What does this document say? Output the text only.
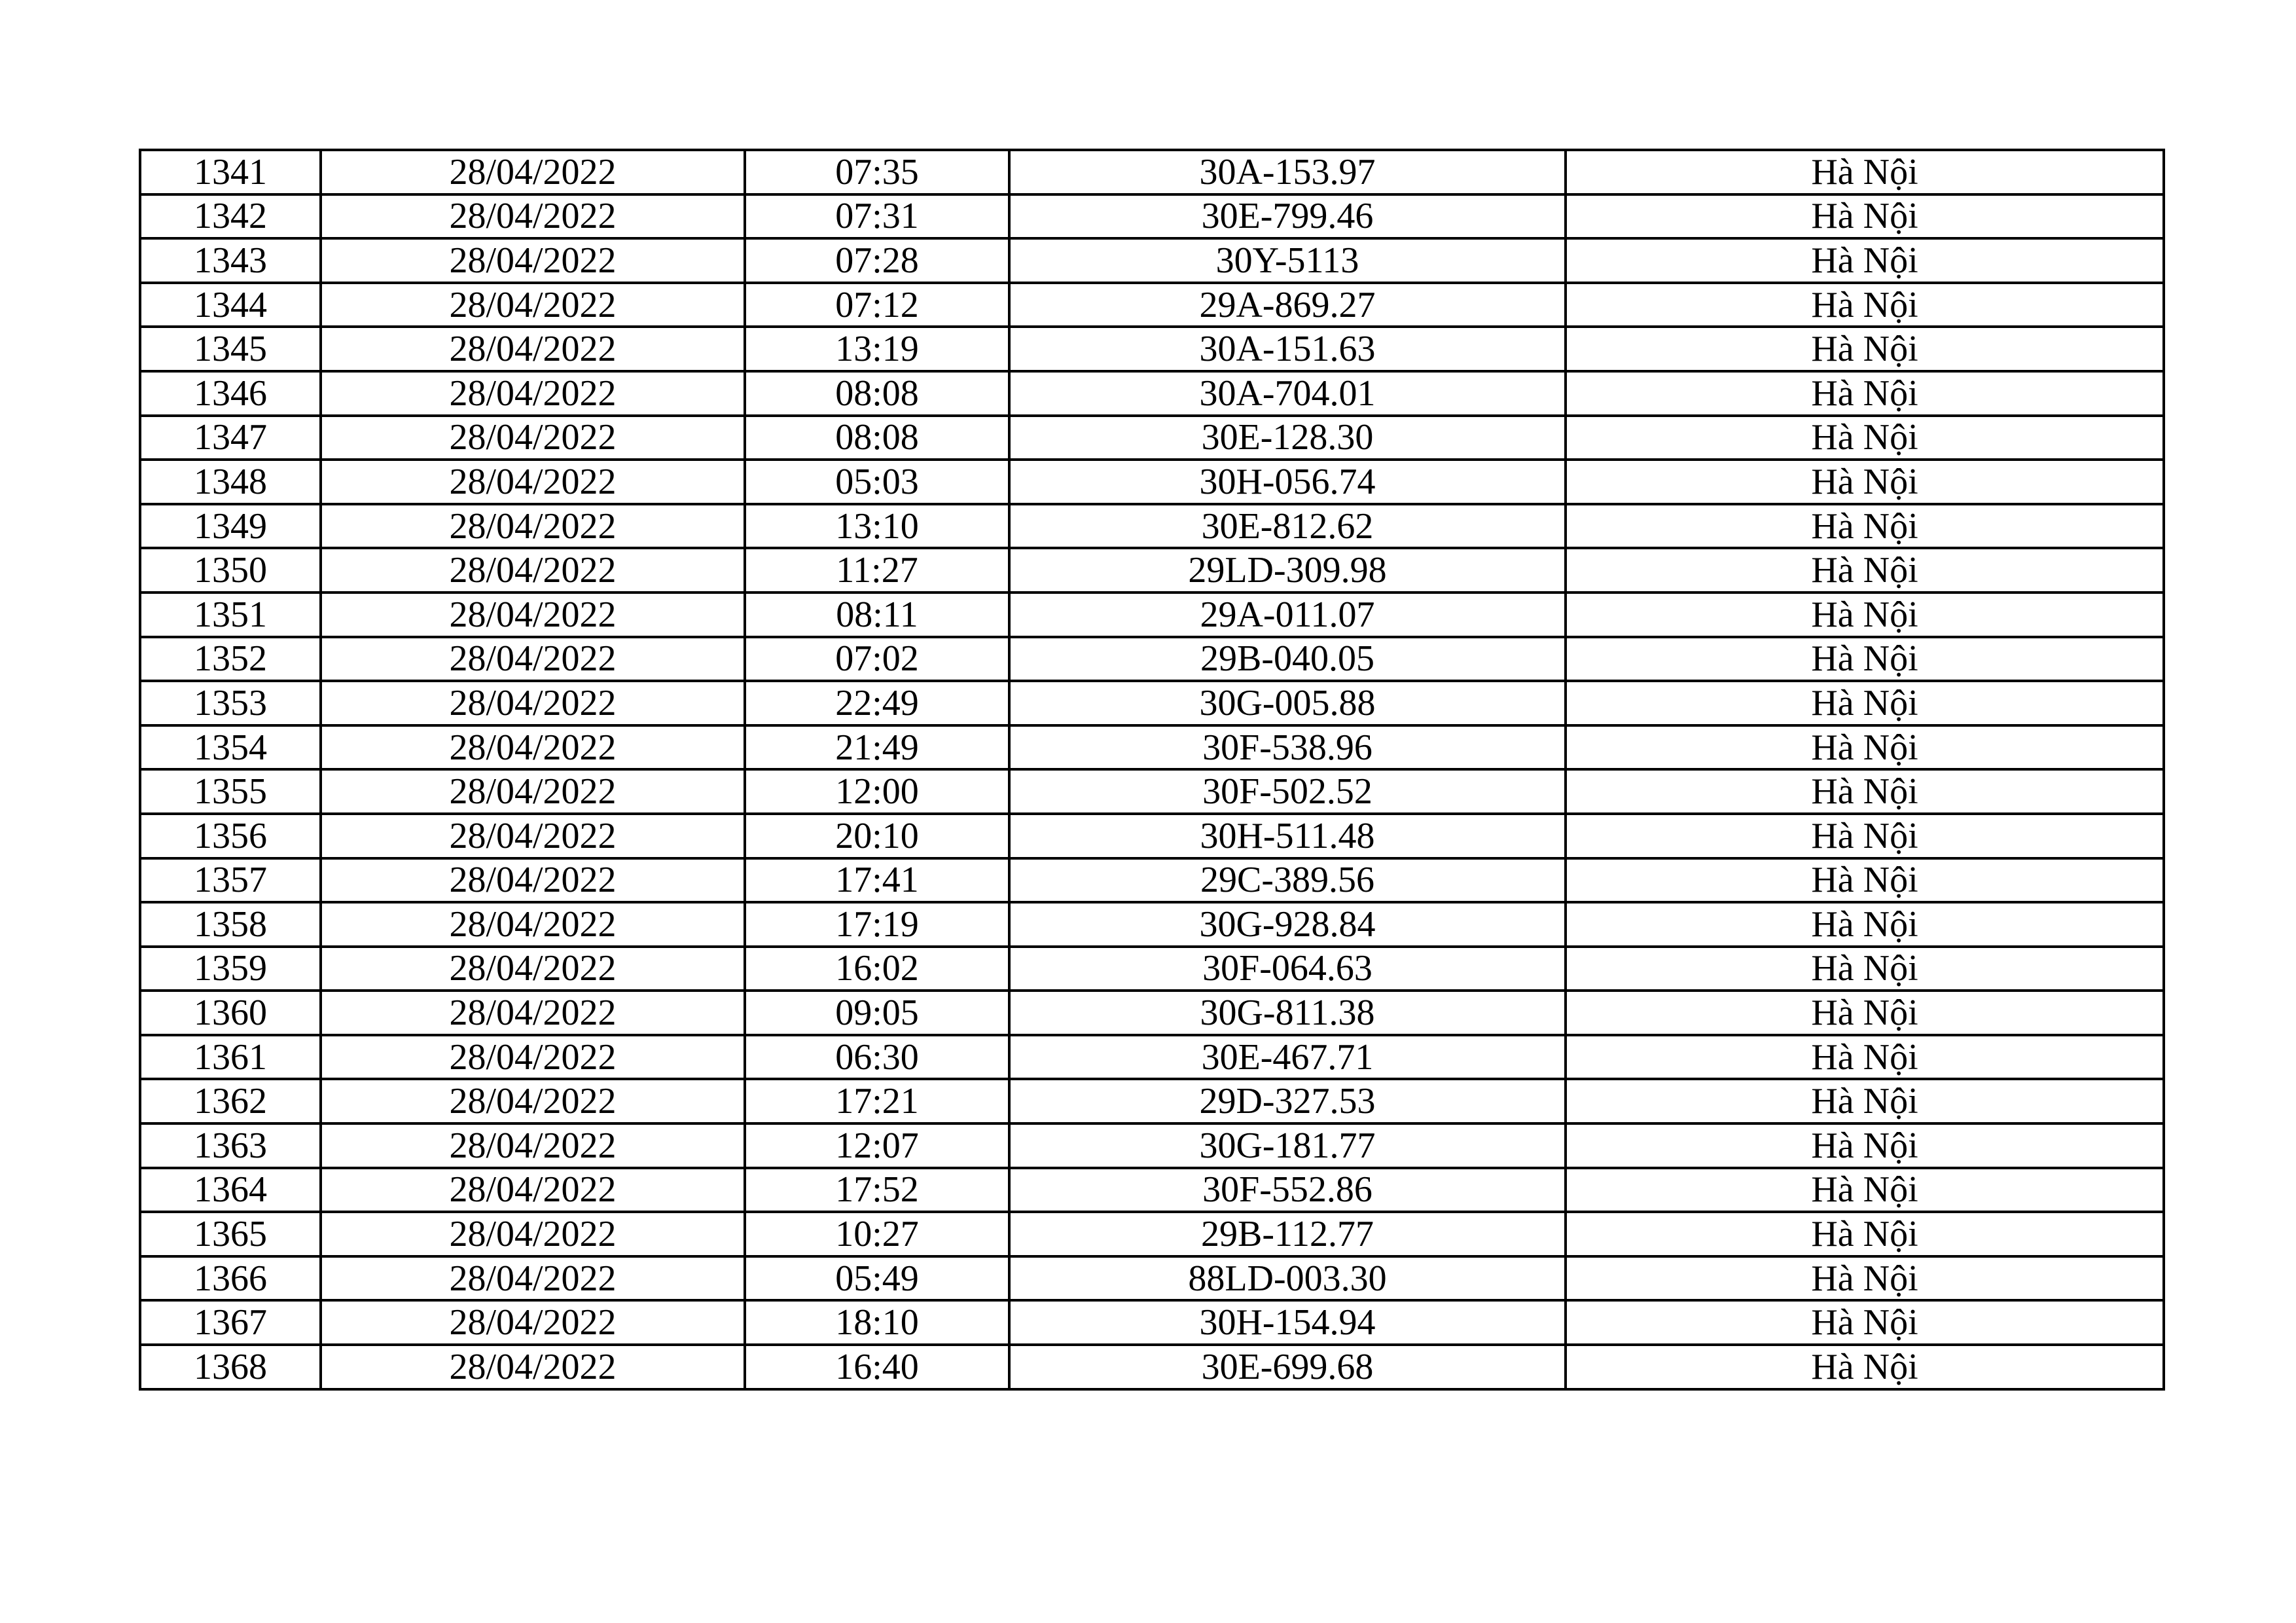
1341	28/04/2022	07:35	30A-153.97	Hà Nội
1342	28/04/2022	07:31	30E-799.46	Hà Nội
1343	28/04/2022	07:28	30Y-5113	Hà Nội
1344	28/04/2022	07:12	29A-869.27	Hà Nội
1345	28/04/2022	13:19	30A-151.63	Hà Nội
1346	28/04/2022	08:08	30A-704.01	Hà Nội
1347	28/04/2022	08:08	30E-128.30	Hà Nội
1348	28/04/2022	05:03	30H-056.74	Hà Nội
1349	28/04/2022	13:10	30E-812.62	Hà Nội
1350	28/04/2022	11:27	29LD-309.98	Hà Nội
1351	28/04/2022	08:11	29A-011.07	Hà Nội
1352	28/04/2022	07:02	29B-040.05	Hà Nội
1353	28/04/2022	22:49	30G-005.88	Hà Nội
1354	28/04/2022	21:49	30F-538.96	Hà Nội
1355	28/04/2022	12:00	30F-502.52	Hà Nội
1356	28/04/2022	20:10	30H-511.48	Hà Nội
1357	28/04/2022	17:41	29C-389.56	Hà Nội
1358	28/04/2022	17:19	30G-928.84	Hà Nội
1359	28/04/2022	16:02	30F-064.63	Hà Nội
1360	28/04/2022	09:05	30G-811.38	Hà Nội
1361	28/04/2022	06:30	30E-467.71	Hà Nội
1362	28/04/2022	17:21	29D-327.53	Hà Nội
1363	28/04/2022	12:07	30G-181.77	Hà Nội
1364	28/04/2022	17:52	30F-552.86	Hà Nội
1365	28/04/2022	10:27	29B-112.77	Hà Nội
1366	28/04/2022	05:49	88LD-003.30	Hà Nội
1367	28/04/2022	18:10	30H-154.94	Hà Nội
1368	28/04/2022	16:40	30E-699.68	Hà Nội
